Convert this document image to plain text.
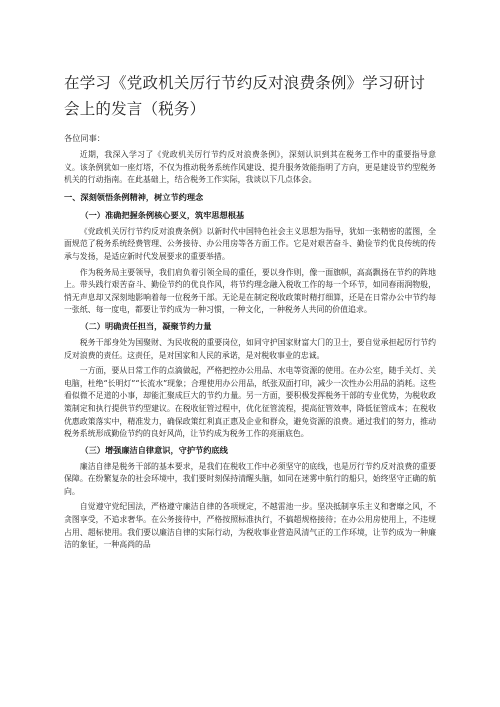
在学习《党政机关厉行节约反对浪费条例》学习研讨会上的发言（税务）
各位同事：

近期，我深入学习了《党政机关厉行节约反对浪费条例》，深刻认识到其在税务工作中的重要指导意义。该条例犹如一座灯塔，不仅为推动税务系统作风建设、提升服务效能指明了方向，更是建设节约型税务机关的行动指南。在此基础上，结合税务工作实际，我谈以下几点体会。

一、深刻领悟条例精神，树立节约理念
（一）准确把握条例核心要义，筑牢思想根基

《党政机关厉行节约反对浪费条例》以新时代中国特色社会主义思想为指导，犹如一张精密的蓝图，全面规范了税务系统经费管理、公务接待、办公用房等各方面工作。它是对艰苦奋斗、勤俭节约优良传统的传承与发扬，是适应新时代发展要求的重要举措。

作为税务局主要领导，我们肩负着引领全局的重任，要以身作则，像一面旗帜，高高飘扬在节约的阵地上。带头践行艰苦奋斗、勤俭节约的优良作风，将节约理念融入税收工作的每一个环节，如同春雨润物般，悄无声息却又深刻地影响着每一位税务干部。无论是在制定税收政策时精打细算，还是在日常办公中节约每一张纸、每一度电，都要让节约成为一种习惯，一种文化，一种税务人共同的价值追求。

（二）明确责任担当，凝聚节约力量

税务干部身处为国聚财、为民收税的重要岗位，如同守护国家财富大门的卫士，要自觉承担起厉行节约反对浪费的责任。这责任，是对国家和人民的承诺，是对税收事业的忠诚。

一方面，要从日常工作的点滴做起，严格把控办公用品、水电等资源的使用。在办公室，随手关灯、关电脑，杜绝“长明灯”“长流水”现象；合理使用办公用品，纸张双面打印，减少一次性办公用品的消耗。这些看似微不足道的小事，却能汇聚成巨大的节约力量。另一方面，要积极发挥税务干部的专业优势，为税收政策制定和执行提供节约型建议。在税收征管过程中，优化征管流程，提高征管效率，降低征管成本；在税收优惠政策落实中，精准发力，确保政策红利真正惠及企业和群众，避免资源的浪费。通过我们的努力，推动税务系统形成勤俭节约的良好风尚，让节约成为税务工作的亮丽底色。

（三）增强廉洁自律意识，守护节约底线

廉洁自律是税务干部的基本要求，是我们在税收工作中必须坚守的底线，也是厉行节约反对浪费的重要保障。在纷繁复杂的社会环境中，我们要时刻保持清醒头脑，如同在迷雾中航行的船只，始终坚守正确的航向。

自觉遵守党纪国法，严格遵守廉洁自律的各项规定，不越雷池一步。坚决抵制享乐主义和奢靡之风，不贪图享受，不追求奢华。在公务接待中，严格按照标准执行，不搞超规格接待；在办公用房使用上，不违规占用、超标使用。我们要以廉洁自律的实际行动，为税收事业营造风清气正的工作环境，让节约成为一种廉洁的象征，一种高尚的品
